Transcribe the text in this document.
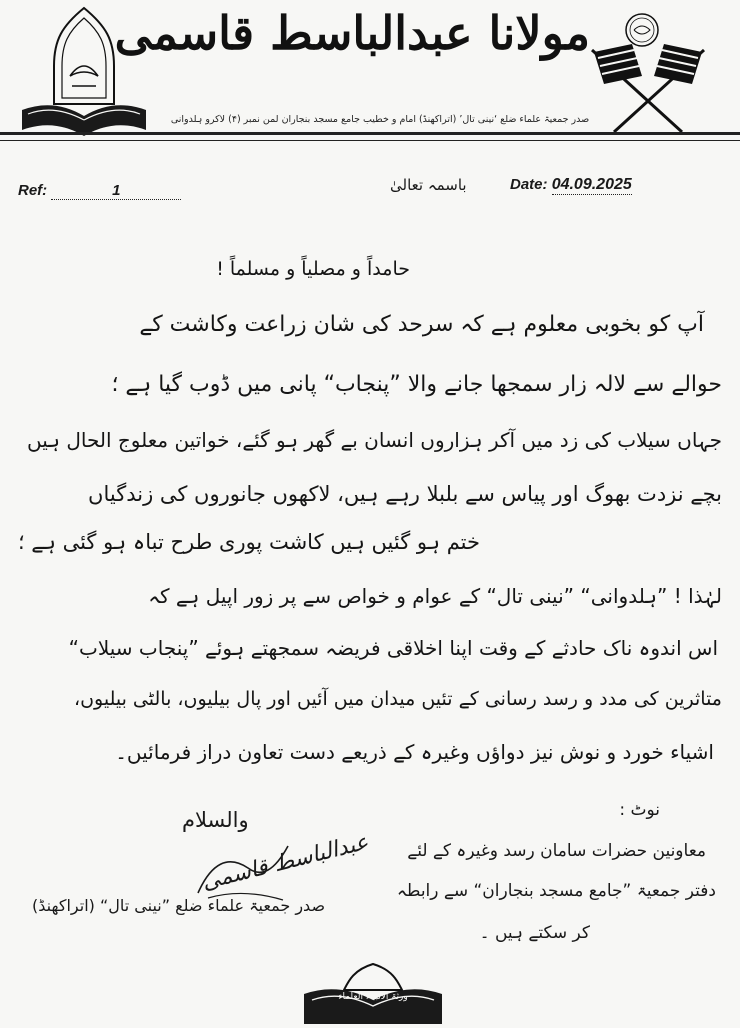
مولانا عبدالباسط قاسمی
صدر جمعیۃ علماء ضلع ‘نینی تال’ (اتراکھنڈ) امام و خطیب جامع مسجد بنجاران لمن نمبر (۴) لاکرو ہلدوانی
Ref:	1	باسمہ تعالیٰ	Date: 04.09.2025
حامداً و مصلیاً و مسلماً !
آپ کو بخوبی معلوم ہے کہ سرحد کی شان زراعت وکاشت کے
حوالے سے لالہ زار سمجھا جانے والا ”پنجاب“ پانی میں ڈوب گیا ہے ؛
جہاں سیلاب کی زد میں آکر ہزاروں انسان بے گھر ہو گئے، خواتین معلوج الحال ہیں
بچے نزدت بھوگ اور پیاس سے بلبلا رہے ہیں، لاکھوں جانوروں کی زندگیاں
ختم ہو گئیں ہیں کاشت پوری طرح تباہ ہو گئی ہے ؛
لہٰذا ! ”ہلدوانی“ ”نینی تال“ کے عوام و خواص سے پر زور اپیل ہے کہ
اس اندوہ ناک حادثے کے وقت اپنا اخلاقی فریضہ سمجھتے ہوئے ”پنجاب سیلاب“
متاثرین کی مدد و رسد رسانی کے تئیں میدان میں آئیں اور پال بیلیوں، بالٹی بیلیوں،
اشیاء خورد و نوش نیز دواؤں وغیرہ کے ذریعے دست تعاون دراز فرمائیں۔
والسلام
عبدالباسط قاسمی
صدر جمعیۃ علماء ضلع ”نینی تال“ (اتراکھنڈ)
نوٹ :
معاونین حضرات سامان رسد وغیرہ کے لئے
دفتر جمعیۃ ”جامع مسجد بنجاران“ سے رابطہ
کر سکتے ہیں ۔
ورثۃ الانبیاء العلماء
